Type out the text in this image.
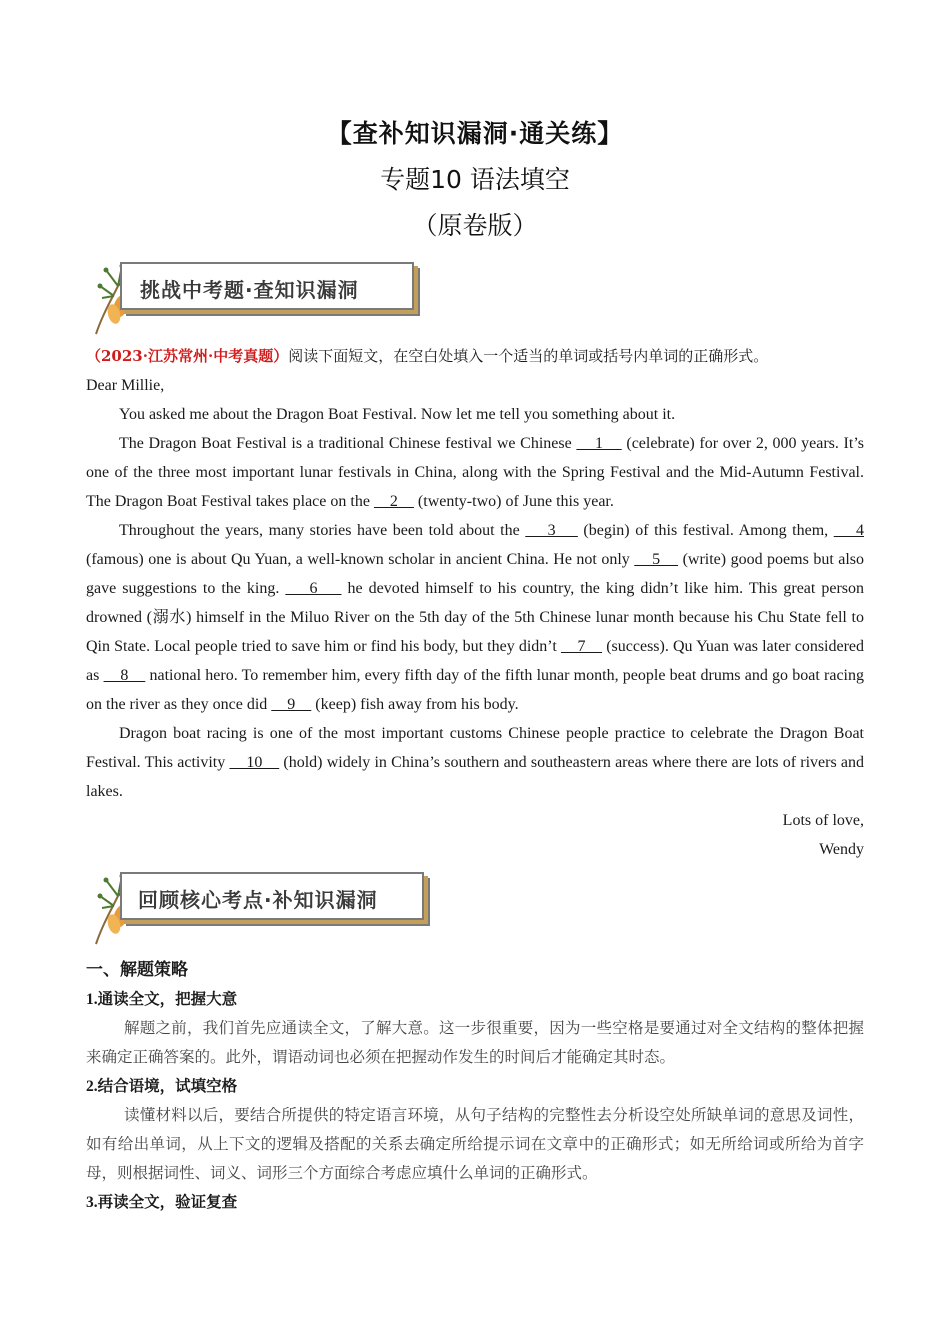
【查补知识漏洞·通关练】
专题10 语法填空
（原卷版）
挑战中考题·查知识漏洞

（2023·江苏常州·中考真题）阅读下面短文，在空白处填入一个适当的单词或括号内单词的正确形式。

Dear Millie,

You asked me about the Dragon Boat Festival. Now let me tell you something about it.

The Dragon Boat Festival is a traditional Chinese festival we Chinese     1     (celebrate) for over 2, 000 years. It’s one of the three most important lunar festivals in China, along with the Spring Festival and the Mid-Autumn Festival. The Dragon Boat Festival takes place on the     2     (twenty-two) of June this year.

Throughout the years, many stories have been told about the     3     (begin) of this festival. Among them,     4 (famous) one is about Qu Yuan, a well-known scholar in ancient China. He not only     5     (write) good poems but also gave suggestions to the king.     6     he devoted himself to his country, the king didn’t like him. This great person drowned (溺水) himself in the Miluo River on the 5th day of the 5th Chinese lunar month because his Chu State fell to Qin State. Local people tried to save him or find his body, but they didn’t     7     (success). Qu Yuan was later considered as     8     national hero. To remember him, every fifth day of the fifth lunar month, people beat drums and go boat racing on the river as they once did     9     (keep) fish away from his body.

Dragon boat racing is one of the most important customs Chinese people practice to celebrate the Dragon Boat Festival. This activity     10     (hold) widely in China’s southern and southeastern areas where there are lots of rivers and lakes.

Lots of love,

Wendy

回顾核心考点·补知识漏洞

一、解题策略

1.通读全文，把握大意

解题之前，我们首先应通读全文，了解大意。这一步很重要，因为一些空格是要通过对全文结构的整体把握来确定正确答案的。此外，谓语动词也必须在把握动作发生的时间后才能确定其时态。

2.结合语境，试填空格

读懂材料以后，要结合所提供的特定语言环境，从句子结构的完整性去分析设空处所缺单词的意思及词性，如有给出单词，从上下文的逻辑及搭配的关系去确定所给提示词在文章中的正确形式；如无所给词或所给为首字母，则根据词性、词义、词形三个方面综合考虑应填什么单词的正确形式。

3.再读全文，验证复查
